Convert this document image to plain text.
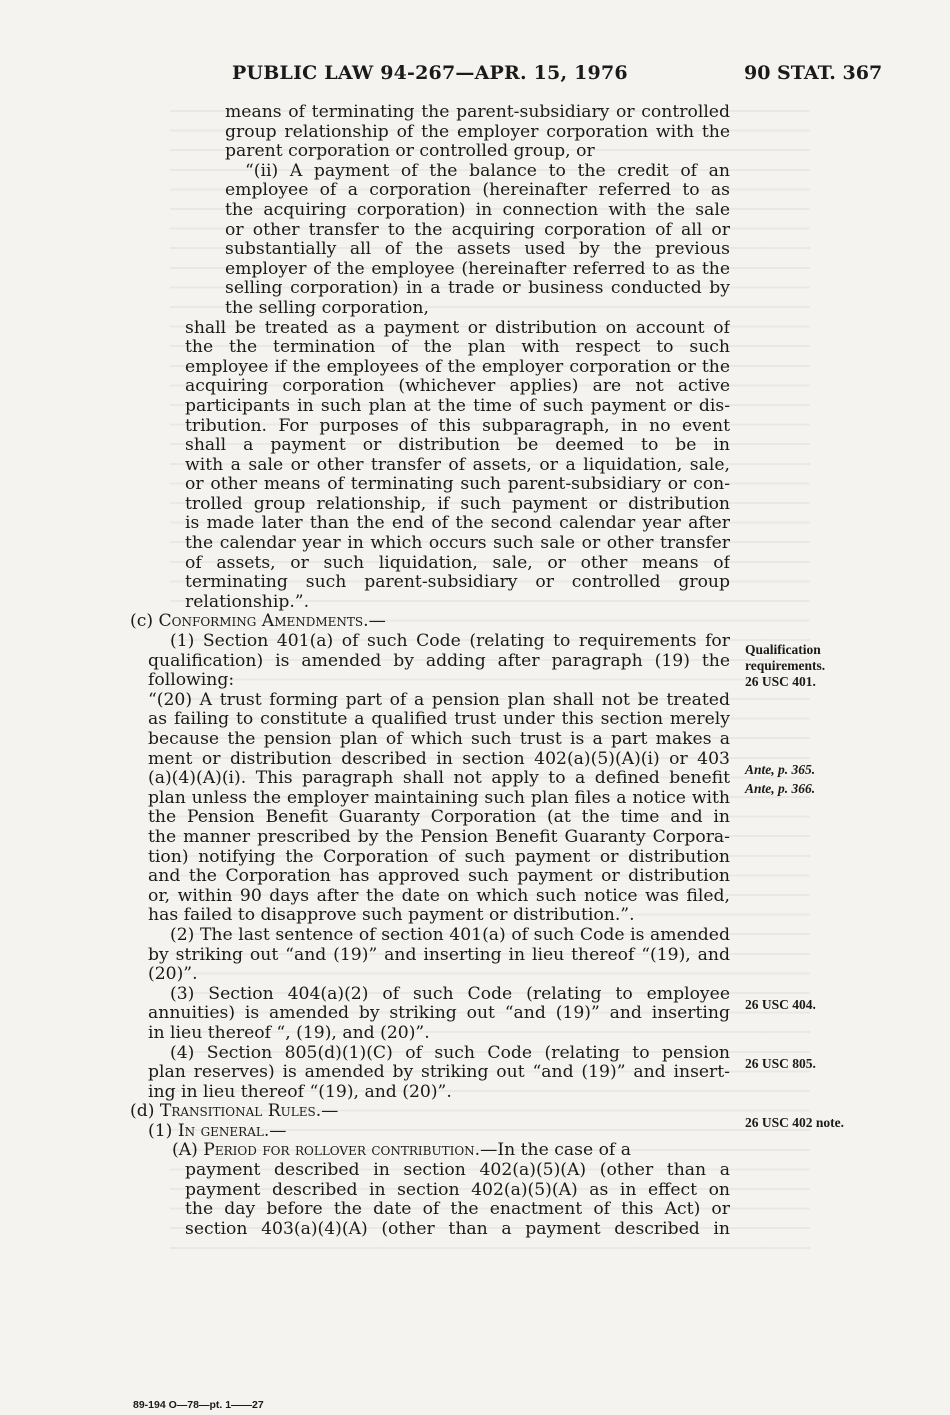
PUBLIC LAW 94-267—APR. 15, 1976	90 STAT. 367
means of terminating the parent-subsidiary or controlled
group relationship of the employer corporation with the
parent corporation or controlled group, or
“(ii) A payment of the balance to the credit of an
employee of a corporation (hereinafter referred to as
the acquiring corporation) in connection with the sale
or other transfer to the acquiring corporation of all or
substantially all of the assets used by the previous
employer of the employee (hereinafter referred to as the
selling corporation) in a trade or business conducted by
the selling corporation,
shall be treated as a payment or distribution on account of
the the termination of the plan with respect to such
employee if the employees of the employer corporation or the
acquiring corporation (whichever applies) are not active
participants in such plan at the time of such payment or dis-
tribution. For purposes of this subparagraph, in no event
shall a payment or distribution be deemed to be in
with a sale or other transfer of assets, or a liquidation, sale,
or other means of terminating such parent-subsidiary or con-
trolled group relationship, if such payment or distribution
is made later than the end of the second calendar year after
the calendar year in which occurs such sale or other transfer
of assets, or such liquidation, sale, or other means of
terminating such parent-subsidiary or controlled group
relationship.”.
(c) Conforming Amendments.—
(1) Section 401(a) of such Code (relating to requirements for
qualification) is amended by adding after paragraph (19) the
following:
“(20) A trust forming part of a pension plan shall not be treated
as failing to constitute a qualified trust under this section merely
because the pension plan of which such trust is a part makes a
ment or distribution described in section 402(a)(5)(A)(i) or 403
(a)(4)(A)(i). This paragraph shall not apply to a defined benefit
plan unless the employer maintaining such plan files a notice with
the Pension Benefit Guaranty Corporation (at the time and in
the manner prescribed by the Pension Benefit Guaranty Corpora-
tion) notifying the Corporation of such payment or distribution
and the Corporation has approved such payment or distribution
or, within 90 days after the date on which such notice was filed,
has failed to disapprove such payment or distribution.”.
(2) The last sentence of section 401(a) of such Code is amended
by striking out “and (19)” and inserting in lieu thereof “(19), and
(20)”.
(3) Section 404(a)(2) of such Code (relating to employee
annuities) is amended by striking out “and (19)” and inserting
in lieu thereof “, (19), and (20)”.
(4) Section 805(d)(1)(C) of such Code (relating to pension
plan reserves) is amended by striking out “and (19)” and insert-
ing in lieu thereof “(19), and (20)”.
(d) Transitional Rules.—
(1) In general.—
(A) Period for rollover contribution.—In the case of a
payment described in section 402(a)(5)(A) (other than a
payment described in section 402(a)(5)(A) as in effect on
the day before the date of the enactment of this Act) or
section 403(a)(4)(A) (other than a payment described in
Qualification
requirements.
26 USC 401.
Ante, p. 365.
Ante, p. 366.
26 USC 404.
26 USC 805.
26 USC 402 note.
89-194 O—78—pt. 1——27
